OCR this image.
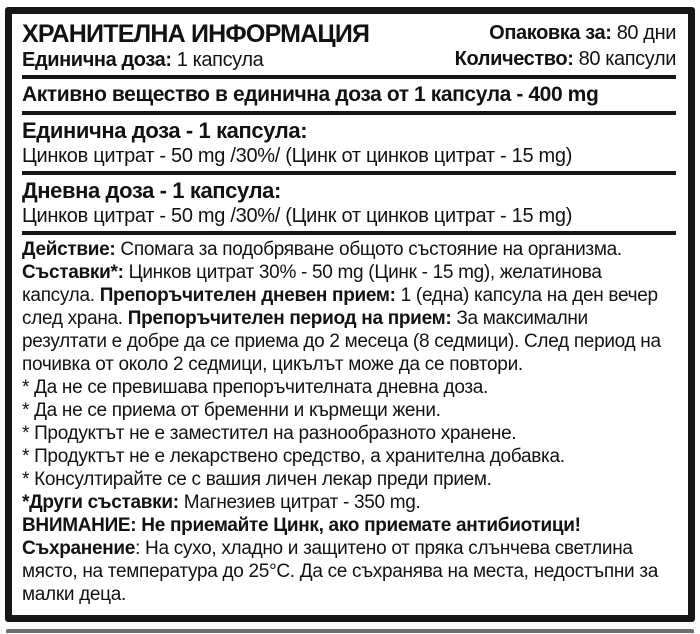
ХРАНИТЕЛНА ИНФОРМАЦИЯ
Единична доза: 1 капсула
Опаковка за: 80 дни
Количество: 80 капсули
Активно вещество в единична доза от 1 капсула - 400 mg
Единична доза - 1 капсула:
Цинков цитрат - 50 mg /30%/ (Цинк от цинков цитрат - 15 mg)
Дневна доза - 1 капсула:
Цинков цитрат - 50 mg /30%/ (Цинк от цинков цитрат - 15 mg)

Действие: Спомага за подобряване общото състояние на организма.
Съставки*: Цинков цитрат 30% - 50 mg (Цинк - 15 mg), желатинова капсула. Препоръчителен дневен прием: 1 (една) капсула на ден вечер след храна. Препоръчителен период на прием: За максимални резултати е добре да се приема до 2 месеца (8 седмици). След период на почивка от около 2 седмици, цикълът може да се повтори.

* Да не се превишава препоръчителната дневна доза.
* Да не се приема от бременни и кърмещи жени.
* Продуктът не е заместител на разнообразното хранене.
* Продуктът не е лекарствено средство, а хранителна добавка.
* Консултирайте се с вашия личен лекар преди прием.
*Други съставки: Магнезиев цитрат - 350 mg.
ВНИМАНИЕ: Не приемайте Цинк, ако приемате антибиотици!
Съхранение: На сухо, хладно и защитено от пряка слънчева светлина място, на температура до 25°C. Да се съхранява на места, недостъпни за малки деца.
